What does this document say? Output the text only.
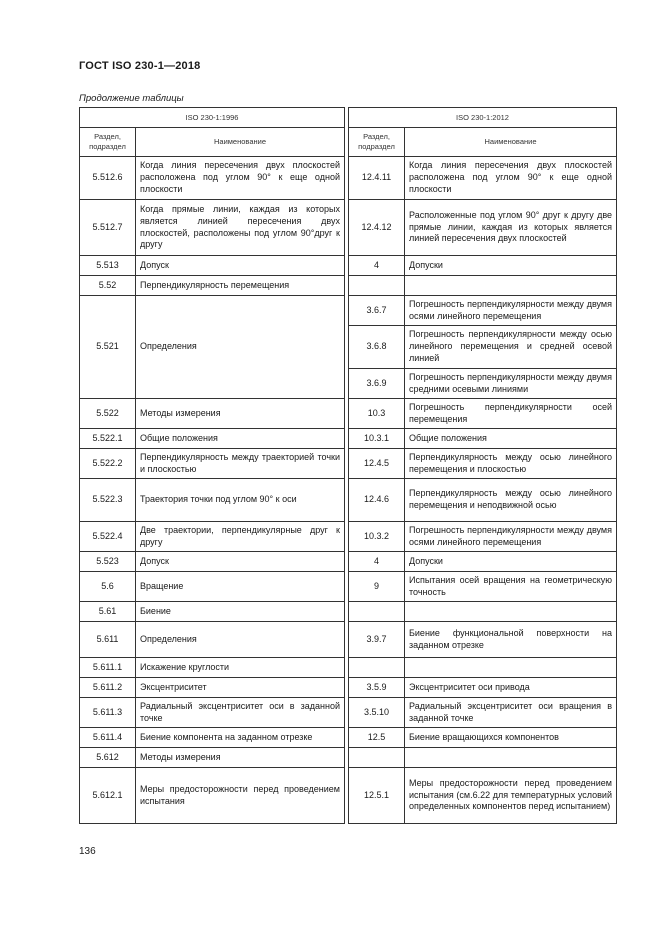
ГОСТ ISO 230-1—2018
Продолжение таблицы
ISO 230-1:1996			ISO 230-1:2012	
Раздел, подраздел	Наименование		Раздел, подраздел	Наименование
5.512.6	Когда линия пересечения двух плоскостей расположена под углом 90° к еще одной плоскости		12.4.11	Когда линия пересечения двух плоскостей расположена под углом 90° к еще одной плоскости
5.512.7	Когда прямые линии, каждая из которых является линией пересечения двух плоскостей, расположены под углом 90°друг к другу		12.4.12	Расположенные под углом 90° друг к другу две прямые линии, каждая из которых является линией пересечения двух плоскостей
5.513	Допуск		4	Допуски
5.52	Перпендикулярность перемещения			
5.521	Определения		3.6.7	Погрешность перпендикулярности между двумя осями линейного перемещения
			3.6.8	Погрешность перпендикулярности между осью линейного перемещения и средней осевой линией
			3.6.9	Погрешность перпендикулярности между двумя средними осевыми линиями
5.522	Методы измерения		10.3	Погрешность перпендикулярности осей перемещения
5.522.1	Общие положения		10.3.1	Общие положения
5.522.2	Перпендикулярность между траекторией точки и плоскостью		12.4.5	Перпендикулярность между осью линейного перемещения и плоскостью
5.522.3	Траектория точки под углом 90° к оси		12.4.6	Перпендикулярность между осью линейного перемещения и неподвижной осью
5.522.4	Две траектории, перпендикулярные друг к другу		10.3.2	Погрешность перпендикулярности между двумя осями линейного перемещения
5.523	Допуск		4	Допуски
5.6	Вращение		9	Испытания осей вращения на геометрическую точность
5.61	Биение			
5.611	Определения		3.9.7	Биение функциональной поверхности на заданном отрезке
5.611.1	Искажение круглости			
5.611.2	Эксцентриситет		3.5.9	Эксцентриситет оси привода
5.611.3	Радиальный эксцентриситет оси в заданной точке		3.5.10	Радиальный эксцентриситет оси вращения в заданной точке
5.611.4	Биение компонента на заданном отрезке		12.5	Биение вращающихся компонентов
5.612	Методы измерения			
5.612.1	Меры предосторожности перед проведением испытания		12.5.1	Меры предосторожности перед проведением испытания (см.6.22 для температурных условий определенных компонентов перед испытанием)
136
